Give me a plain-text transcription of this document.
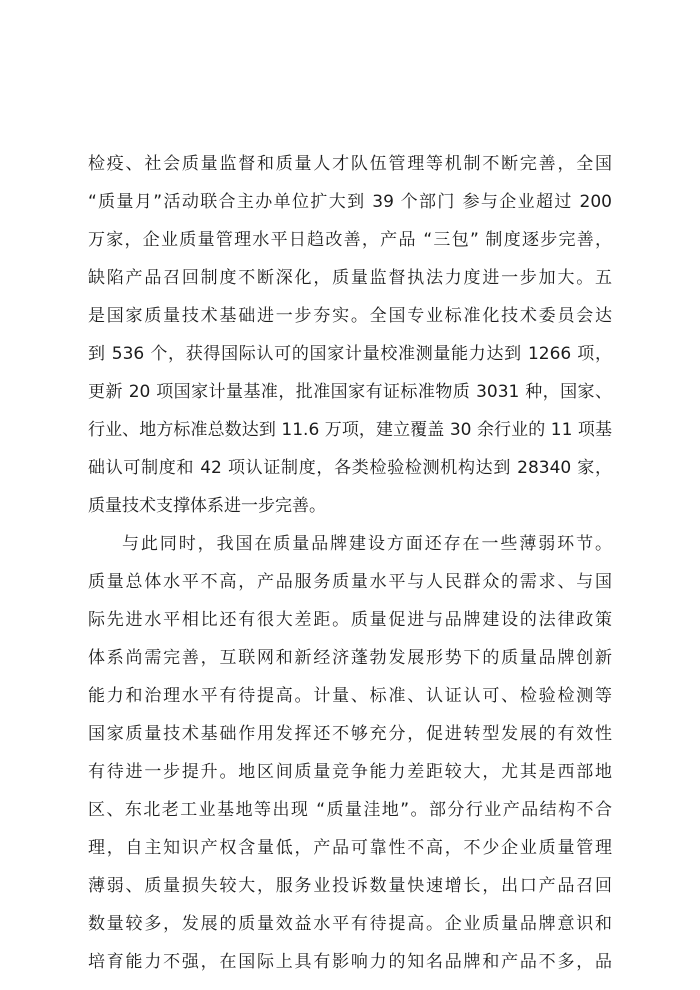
检疫、社会质量监督和质量人才队伍管理等机制不断完善，全国
“质量月”活动联合主办单位扩大到 39 个部门 参与企业超过 200
万家，企业质量管理水平日趋改善，产品 “三包” 制度逐步完善，
缺陷产品召回制度不断深化，质量监督执法力度进一步加大。五
是国家质量技术基础进一步夯实。全国专业标准化技术委员会达
到 536 个，获得国际认可的国家计量校准测量能力达到 1266 项，
更新 20 项国家计量基准，批准国家有证标准物质 3031 种，国家、
行业、地方标准总数达到 11.6 万项，建立覆盖 30 余行业的 11 项基
础认可制度和 42 项认证制度，各类检验检测机构达到 28340 家，
质量技术支撑体系进一步完善。
与此同时，我国在质量品牌建设方面还存在一些薄弱环节。
质量总体水平不高，产品服务质量水平与人民群众的需求、与国
际先进水平相比还有很大差距。质量促进与品牌建设的法律政策
体系尚需完善，互联网和新经济蓬勃发展形势下的质量品牌创新
能力和治理水平有待提高。计量、标准、认证认可、检验检测等
国家质量技术基础作用发挥还不够充分，促进转型发展的有效性
有待进一步提升。地区间质量竞争能力差距较大，尤其是西部地
区、东北老工业基地等出现 “质量洼地”。部分行业产品结构不合
理，自主知识产权含量低，产品可靠性不高，不少企业质量管理
薄弱、质量损失较大，服务业投诉数量快速增长，出口产品召回
数量较多，发展的质量效益水平有待提高。企业质量品牌意识和
培育能力不强，在国际上具有影响力的知名品牌和产品不多，品
